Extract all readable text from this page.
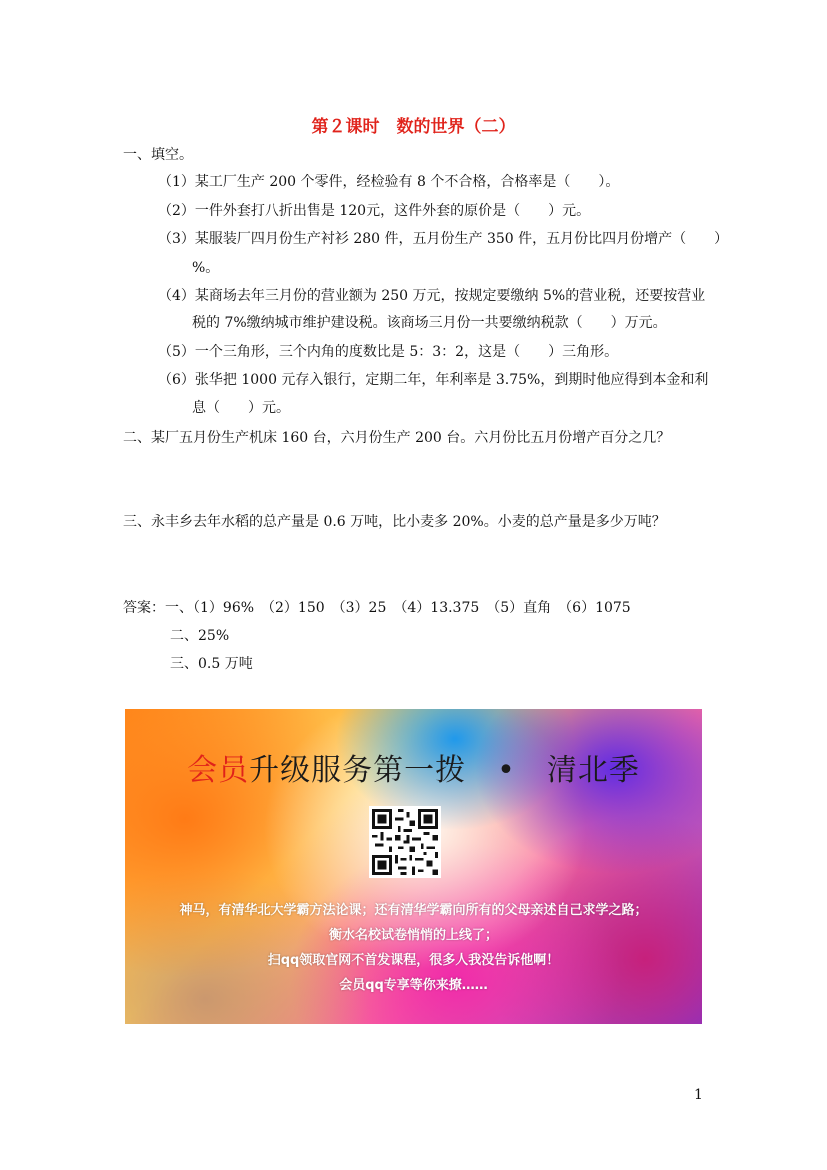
第２课时　数的世界（二）
一、填空。
（1）某工厂生产 200 个零件，经检验有 8 个不合格，合格率是（　　）。
（2）一件外套打八折出售是 120元，这件外套的原价是（　　）元。
（3）某服装厂四月份生产衬衫 280 件，五月份生产 350 件，五月份比四月份增产（　　）
%。
（4）某商场去年三月份的营业额为 250 万元，按规定要缴纳 5%的营业税，还要按营业
税的 7%缴纳城市维护建设税。该商场三月份一共要缴纳税款（　　）万元。
（5）一个三角形，三个内角的度数比是 5：3：2，这是（　　）三角形。
（6）张华把 1000 元存入银行，定期二年，年利率是 3.75%，到期时他应得到本金和利
息（　　）元。
二、某厂五月份生产机床 160 台，六月份生产 200 台。六月份比五月份增产百分之几？
三、永丰乡去年水稻的总产量是 0.6 万吨，比小麦多 20%。小麦的总产量是多少万吨？
答案：一、（1）96%　（2）150　（3）25　（4）13.375　（5）直角　（6）1075
二、25%
三、0.5 万吨
会员升级服务第一拨　•　清北季
神马，有清华北大学霸方法论课；还有清华学霸向所有的父母亲述自己求学之路；
衡水名校试卷悄悄的上线了；
扫qq领取官网不首发课程，很多人我没告诉他啊！
会员qq专享等你来撩……
1
